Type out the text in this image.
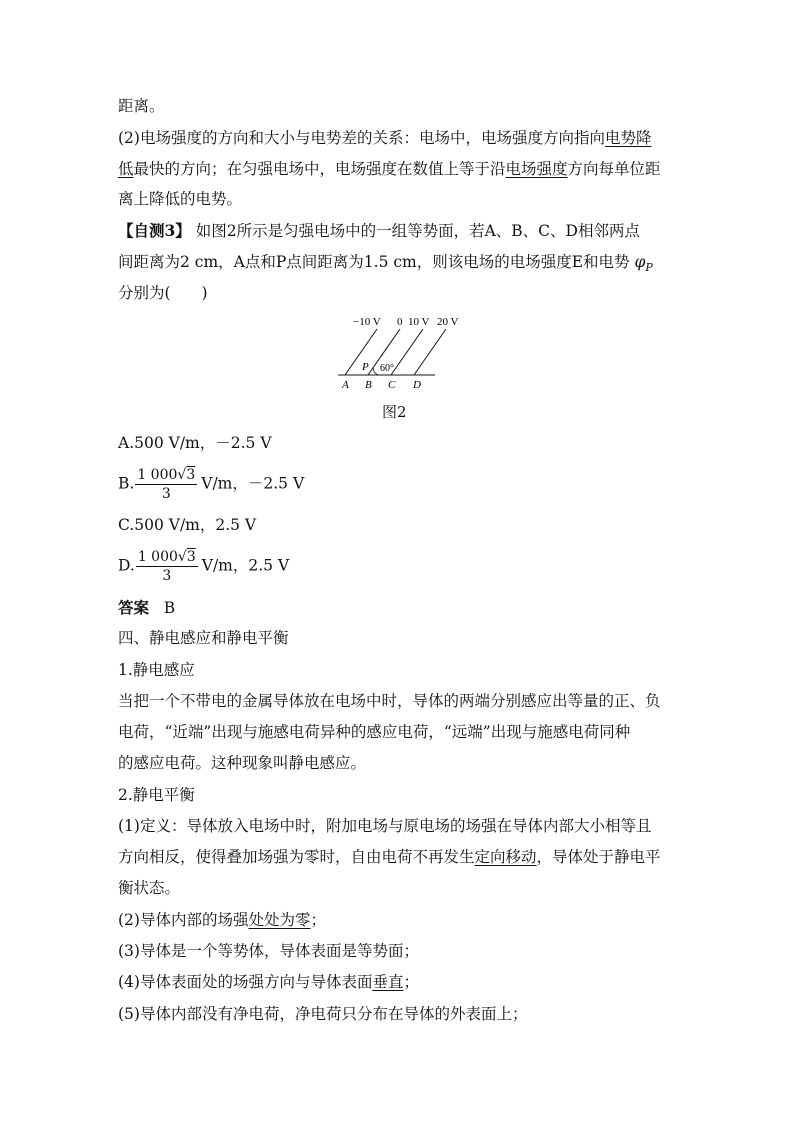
距离。
(2)电场强度的方向和大小与电势差的关系：电场中，电场强度方向指向电势降
低最快的方向；在匀强电场中，电场强度在数值上等于沿电场强度方向每单位距
离上降低的电势。
【自测3】 如图2所示是匀强电场中的一组等势面，若A、B、C、D相邻两点
间距离为2 cm，A点和P点间距离为1.5 cm，则该电场的电场强度E和电势 $\varphi_P$
分别为(　　)
−10 V 0 10 V 20 V
P 60°
A B C D
图2
A.500 V/m，－2.5 V
B. $\frac{1 000√3}{3} V/m$，－2.5 V
C.500 V/m，2.5 V
D. $\frac{1 000√3}{3} V/m$，2.5 V
答案 B
四、静电感应和静电平衡
1.静电感应
当把一个不带电的金属导体放在电场中时，导体的两端分别感应出等量的正、负
电荷，“近端”出现与施感电荷异种的感应电荷，“远端”出现与施感电荷同种
的感应电荷。这种现象叫静电感应。
2.静电平衡
(1)定义：导体放入电场中时，附加电场与原电场的场强在导体内部大小相等且
方向相反，使得叠加场强为零时，自由电荷不再发生定向移动，导体处于静电平
衡状态。
(2)导体内部的场强处处为零；
(3)导体是一个等势体，导体表面是等势面；
(4)导体表面处的场强方向与导体表面垂直；
(5)导体内部没有净电荷，净电荷只分布在导体的外表面上；
